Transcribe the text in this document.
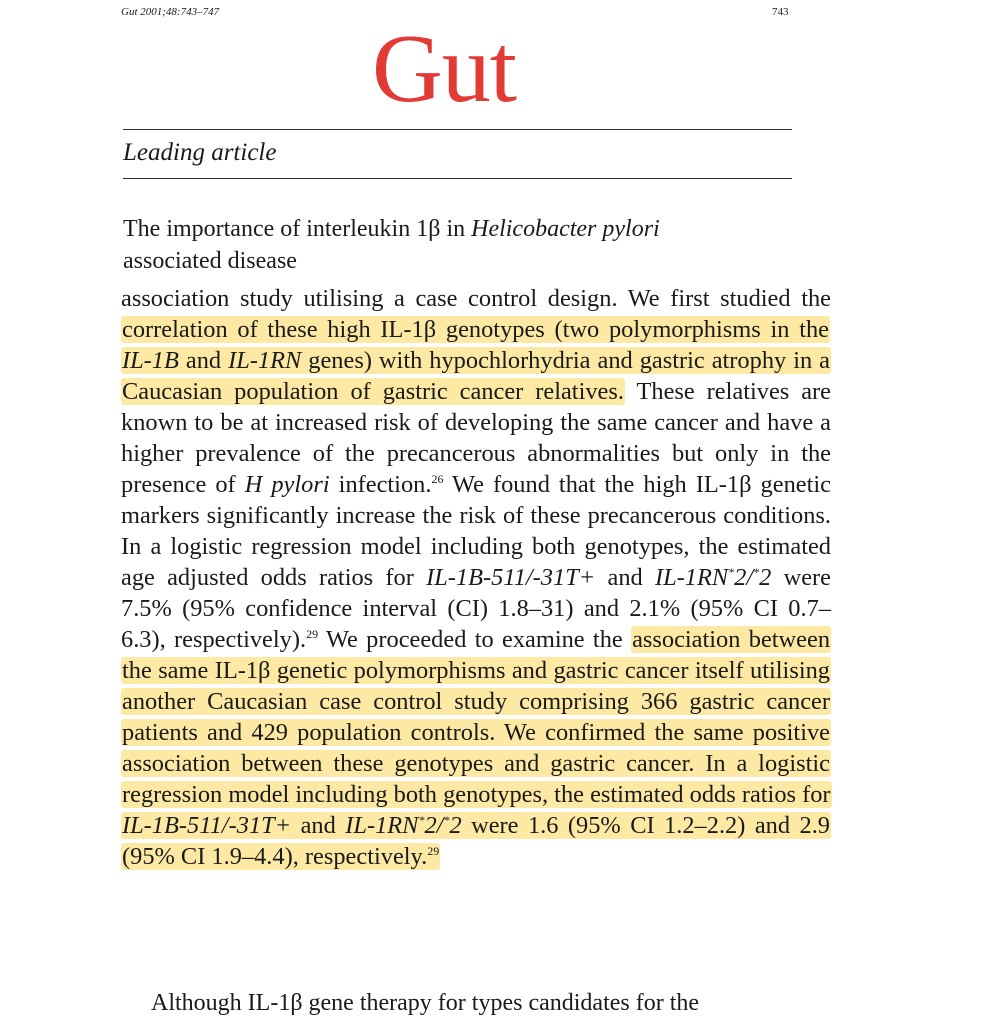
Gut 2001;48:743–747	743
Gut
Leading article
The importance of interleukin 1β in Helicobacter pylori
associated disease

association study utilising a case control design. We first studied the correlation of these high IL-1β genotypes (two polymorphisms in the IL-1B and IL-1RN genes) with hypochlorhydria and gastric atrophy in a Caucasian population of gastric cancer relatives. These relatives are known to be at increased risk of developing the same cancer and have a higher prevalence of the precancerous abnormalities but only in the presence of H pylori infection.$^{26}$ We found that the high IL-1β genetic markers significantly increase the risk of these precancerous conditions. In a logistic regression model including both genotypes, the estimated age adjusted odds ratios for IL-1B-511/-31T+ and IL-1RN*2/*2 were 7.5% (95% confidence interval (CI) 1.8–31) and 2.1% (95% CI 0.7–6.3), respectively).$^{29}$ We proceeded to examine the association between the same IL-1β genetic polymorphisms and gastric cancer itself utilising another Caucasian case control study comprising 366 gastric cancer patients and 429 population controls. We confirmed the same positive association between these genotypes and gastric cancer. In a logistic regression model including both genotypes, the estimated odds ratios for IL-1B-511/-31T+ and IL-1RN*2/*2 were 1.6 (95% CI 1.2–2.2) and 2.9 (95% CI 1.9–4.4), respectively.$^{29}$

Although IL-1β gene therapy for types candidates for the
